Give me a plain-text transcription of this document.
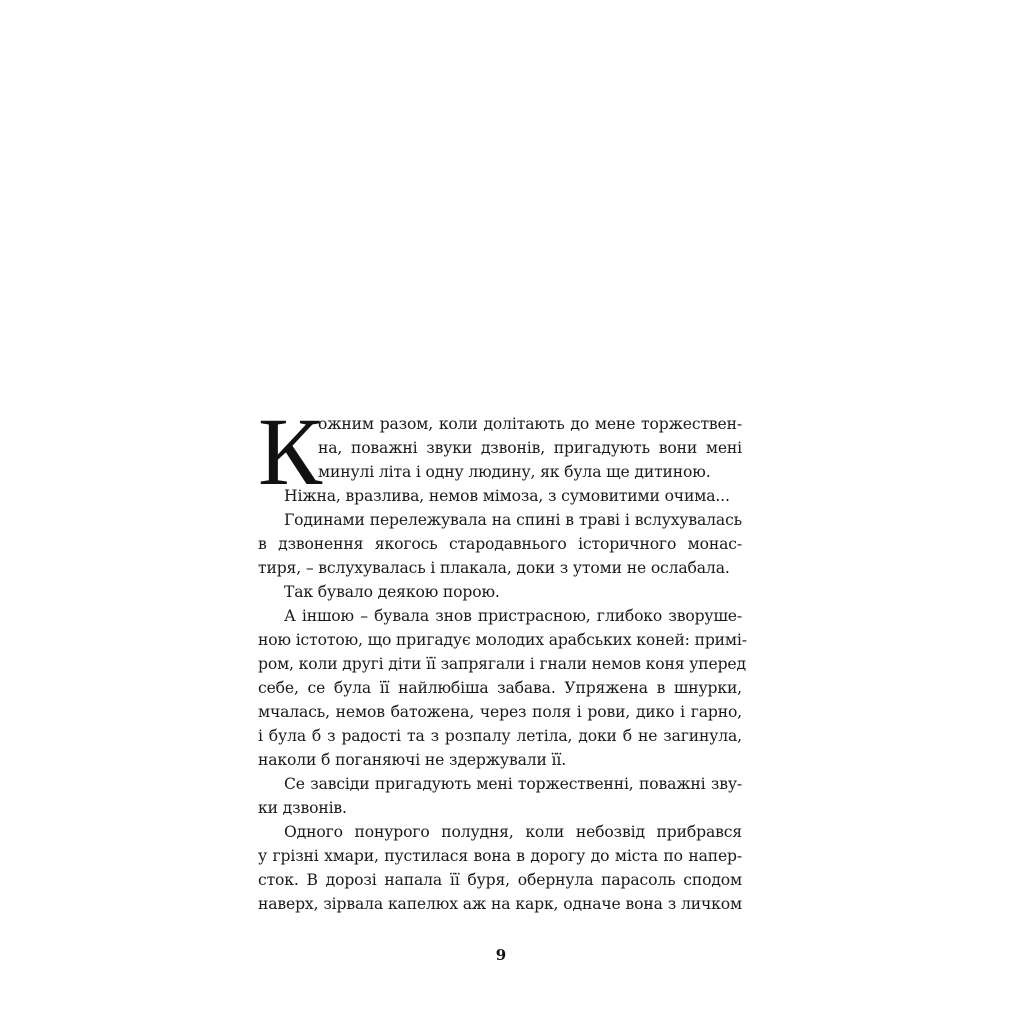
К
ожним разом, коли долітають до мене торжествен-
на, поважні звуки дзвонів, пригадують вони мені
минулі літа і одну людину, як була ще дитиною.
Ніжна, вразлива, немов мімоза, з сумовитими очима...
Годинами перележувала на спині в траві і вслухувалась
в дзвонення якогось стародавнього історичного монас-
тиря, – вслухувалась і плакала, доки з утоми не ослабала.
Так бувало деякою порою.
А іншою – бувала знов пристрасною, глибоко зворуше-
ною істотою, що пригадує молодих арабських коней: примі-
ром, коли другі діти її запрягали і гнали немов коня уперед
себе, се була її найлюбіша забава. Упряжена в шнурки,
мчалась, немов батожена, через поля і рови, дико і гарно,
і була б з радості та з розпалу летіла, доки б не загинула,
наколи б поганяючі не здержували її.
Се завсіди пригадують мені торжественні, поважні зву-
ки дзвонів.
Одного понурого полудня, коли небозвід прибрався
у грізні хмари, пустилася вона в дорогу до міста по напер-
сток. В дорозі напала її буря, обернула парасоль сподом
наверх, зірвала капелюх аж на карк, одначе вона з личком
9
